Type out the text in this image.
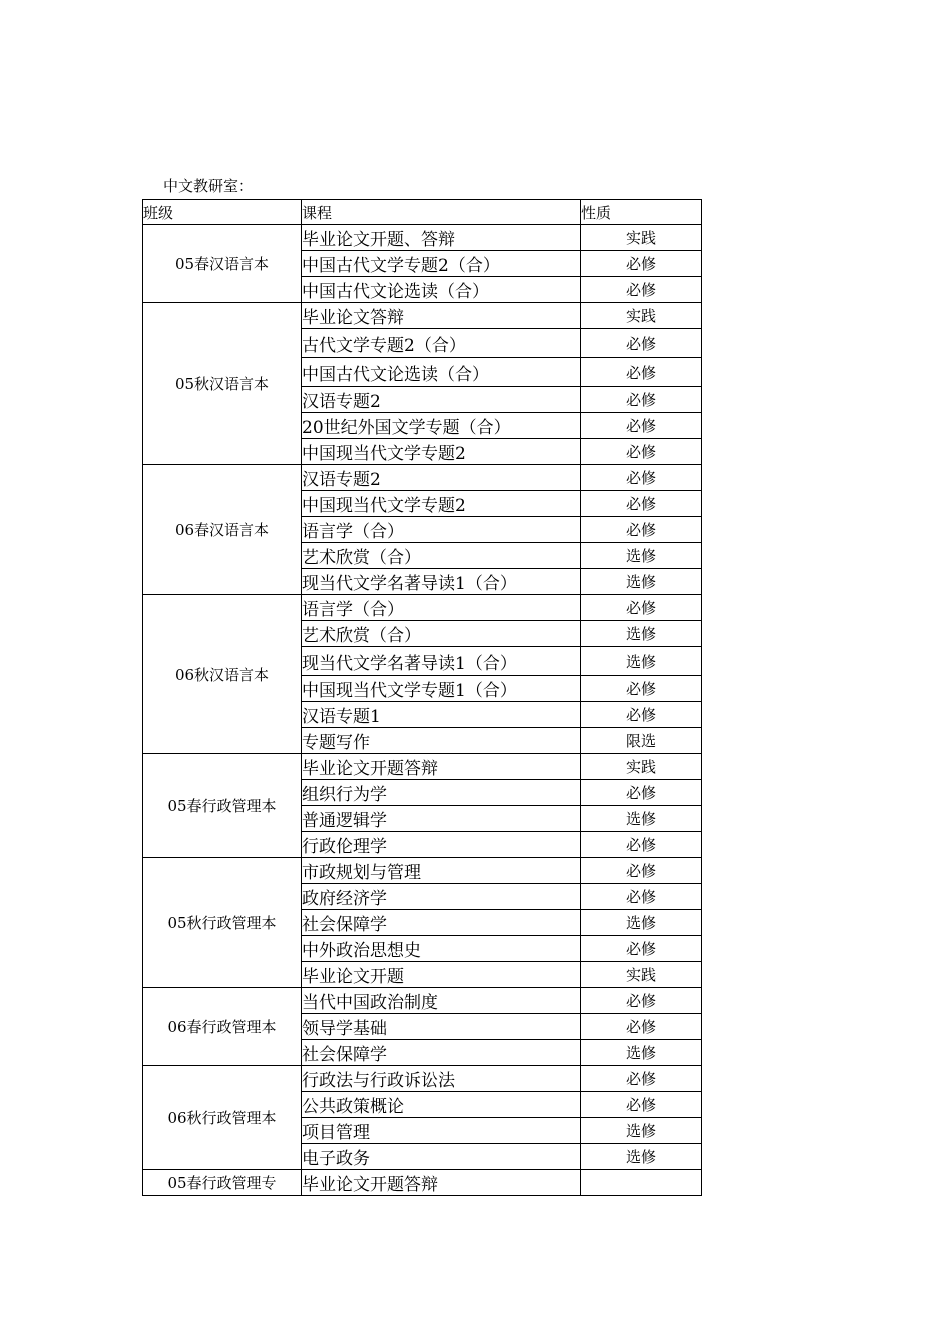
中文教研室：
班级	课程	性质
05春汉语言本	毕业论文开题、答辩	实践
	中国古代文学专题2（合）	必修
	中国古代文论选读（合）	必修
05秋汉语言本	毕业论文答辩	实践
	古代文学专题2（合）	必修
	中国古代文论选读（合）	必修
	汉语专题2	必修
	20世纪外国文学专题（合）	必修
	中国现当代文学专题2	必修
06春汉语言本	汉语专题2	必修
	中国现当代文学专题2	必修
	语言学（合）	必修
	艺术欣赏（合）	选修
	现当代文学名著导读1（合）	选修
06秋汉语言本	语言学（合）	必修
	艺术欣赏（合）	选修
	现当代文学名著导读1（合）	选修
	中国现当代文学专题1（合）	必修
	汉语专题1	必修
	专题写作	限选
05春行政管理本	毕业论文开题答辩	实践
	组织行为学	必修
	普通逻辑学	选修
	行政伦理学	必修
05秋行政管理本	市政规划与管理	必修
	政府经济学	必修
	社会保障学	选修
	中外政治思想史	必修
	毕业论文开题	实践
06春行政管理本	当代中国政治制度	必修
	领导学基础	必修
	社会保障学	选修
06秋行政管理本	行政法与行政诉讼法	必修
	公共政策概论	必修
	项目管理	选修
	电子政务	选修
05春行政管理专	毕业论文开题答辩	
